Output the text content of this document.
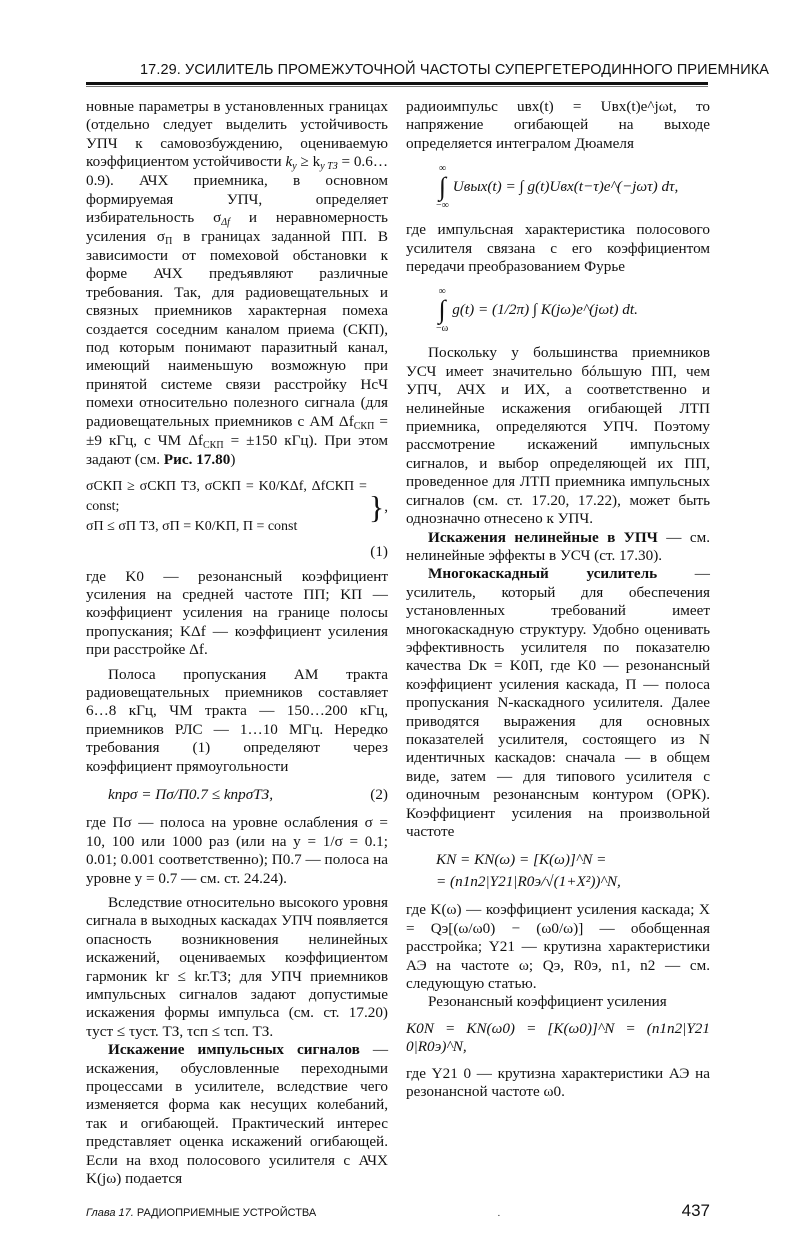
17.29. УСИЛИТЕЛЬ ПРОМЕЖУТОЧНОЙ ЧАСТОТЫ СУПЕРГЕТЕРОДИННОГО ПРИЕМНИКА

новные параметры в установленных границах (отдельно следует выделить устойчивость УПЧ к самовозбуждению, оцениваемую коэффициентом устойчивости $k_у \ge k_{у ТЗ}$ = 0.6…0.9). АЧХ приемника, в основном формируемая УПЧ, определяет избирательность $\sigma_{\Delta f}$ и неравномерность усиления $\sigma_П$ в границах заданной ПП. В зависимости от помеховой обстановки к форме АЧХ предъявляют различные требования. Так, для радиовещательных и связных приемников характерная помеха создается соседним каналом приема (СКП), под которым понимают паразитный канал, имеющий наименьшую возможную при принятой системе связи расстройку НсЧ помехи относительно полезного сигнала (для радиовещательных приемников с АМ $\Delta f_{СКП} = \pm 9$ кГц, с ЧМ $\Delta f_{СКП} = \pm 150$ кГц). При этом задают (см. Рис. 17.80)

σСКП ≥ σСКП ТЗ, σСКП = K0/KΔf, ΔfСКП = const;
σП ≤ σП ТЗ, σП = K0/KП, П = const
} ,
(1)

где K0 — резонансный коэффициент усиления на средней частоте ПП; KП — коэффициент усиления на границе полосы пропускания; KΔf — коэффициент усиления при расстройке Δf.

Полоса пропускания АМ тракта радиовещательных приемников составляет 6…8 кГц, ЧМ тракта — 150…200 кГц, приемников РЛС — 1…10 МГц. Нередко требования (1) определяют через коэффициент прямоугольности

kпрσ = Пσ/П0.7 ≤ kпрσТЗ,	(2)

где Пσ — полоса на уровне ослабления σ = 10, 100 или 1000 раз (или на y = 1/σ = 0.1; 0.01; 0.001 соответственно); П0.7 — полоса на уровне y = 0.7 — см. ст. 24.24).

Вследствие относительно высокого уровня сигнала в выходных каскадах УПЧ появляется опасность возникновения нелинейных искажений, оцениваемых коэффициентом гармоник kг ≤ kг.ТЗ; для УПЧ приемников импульсных сигналов задают допустимые искажения формы импульса (см. ст. 17.20) τуст ≤ τуст. ТЗ, τсп ≤ τсп. ТЗ.

Искажение импульсных сигналов — искажения, обусловленные переходными процессами в усилителе, вследствие чего изменяется форма как несущих колебаний, так и огибающей. Практический интерес представляет оценка искажений огибающей. Если на вход полосового усилителя с АЧХ K(jω) подается

радиоимпульс uвх(t) = Uвх(t)e^jωt, то напряжение огибающей на выходе определяется интегралом Дюамеля

∞
∫
−∞
Uвых(t) = ∫ g(t)Uвх(t−τ)e^(−jωτ) dτ,

где импульсная характеристика полосового усилителя связана с его коэффициентом передачи преобразованием Фурье

∞
∫
−ω
g(t) = (1/2π) ∫ K(jω)e^(jωt) dt.

Поскольку у большинства приемников УСЧ имеет значительно бóльшую ПП, чем УПЧ, АЧХ и ИХ, а соответственно и нелинейные искажения огибающей ЛТП приемника, определяются УПЧ. Поэтому рассмотрение искажений импульсных сигналов, и выбор определяющей их ПП, проведенное для ЛТП приемника импульсных сигналов (см. ст. 17.20, 17.22), может быть однозначно отнесено к УПЧ.

Искажения нелинейные в УПЧ — см. нелинейные эффекты в УСЧ (ст. 17.30).

Многокаскадный усилитель — усилитель, который для обеспечения установленных требований имеет многокаскадную структуру. Удобно оценивать эффективность усилителя по показателю качества Dк = K0П, где K0 — резонансный коэффициент усиления каскада, П — полоса пропускания N-каскадного усилителя. Далее приводятся выражения для основных показателей усилителя, состоящего из N идентичных каскадов: сначала — в общем виде, затем — для типового усилителя с одиночным резонансным контуром (ОРК). Коэффициент усиления на произвольной частоте

KN = KN(ω) = [K(ω)]^N =
= (n1n2|Y21|R0э/√(1+X²))^N,

где K(ω) — коэффициент усиления каскада; X = Qэ[(ω/ω0) − (ω0/ω)] — обобщенная расстройка; Y21 — крутизна характеристики АЭ на частоте ω; Qэ, R0э, n1, n2 — см. следующую статью.

Резонансный коэффициент усиления

K0N = KN(ω0) = [K(ω0)]^N = (n1n2|Y21 0|R0э)^N,

где Y21 0 — крутизна характеристики АЭ на резонансной частоте ω0.

Глава 17. РАДИОПРИЕМНЫЕ УСТРОЙСТВА	.	437
